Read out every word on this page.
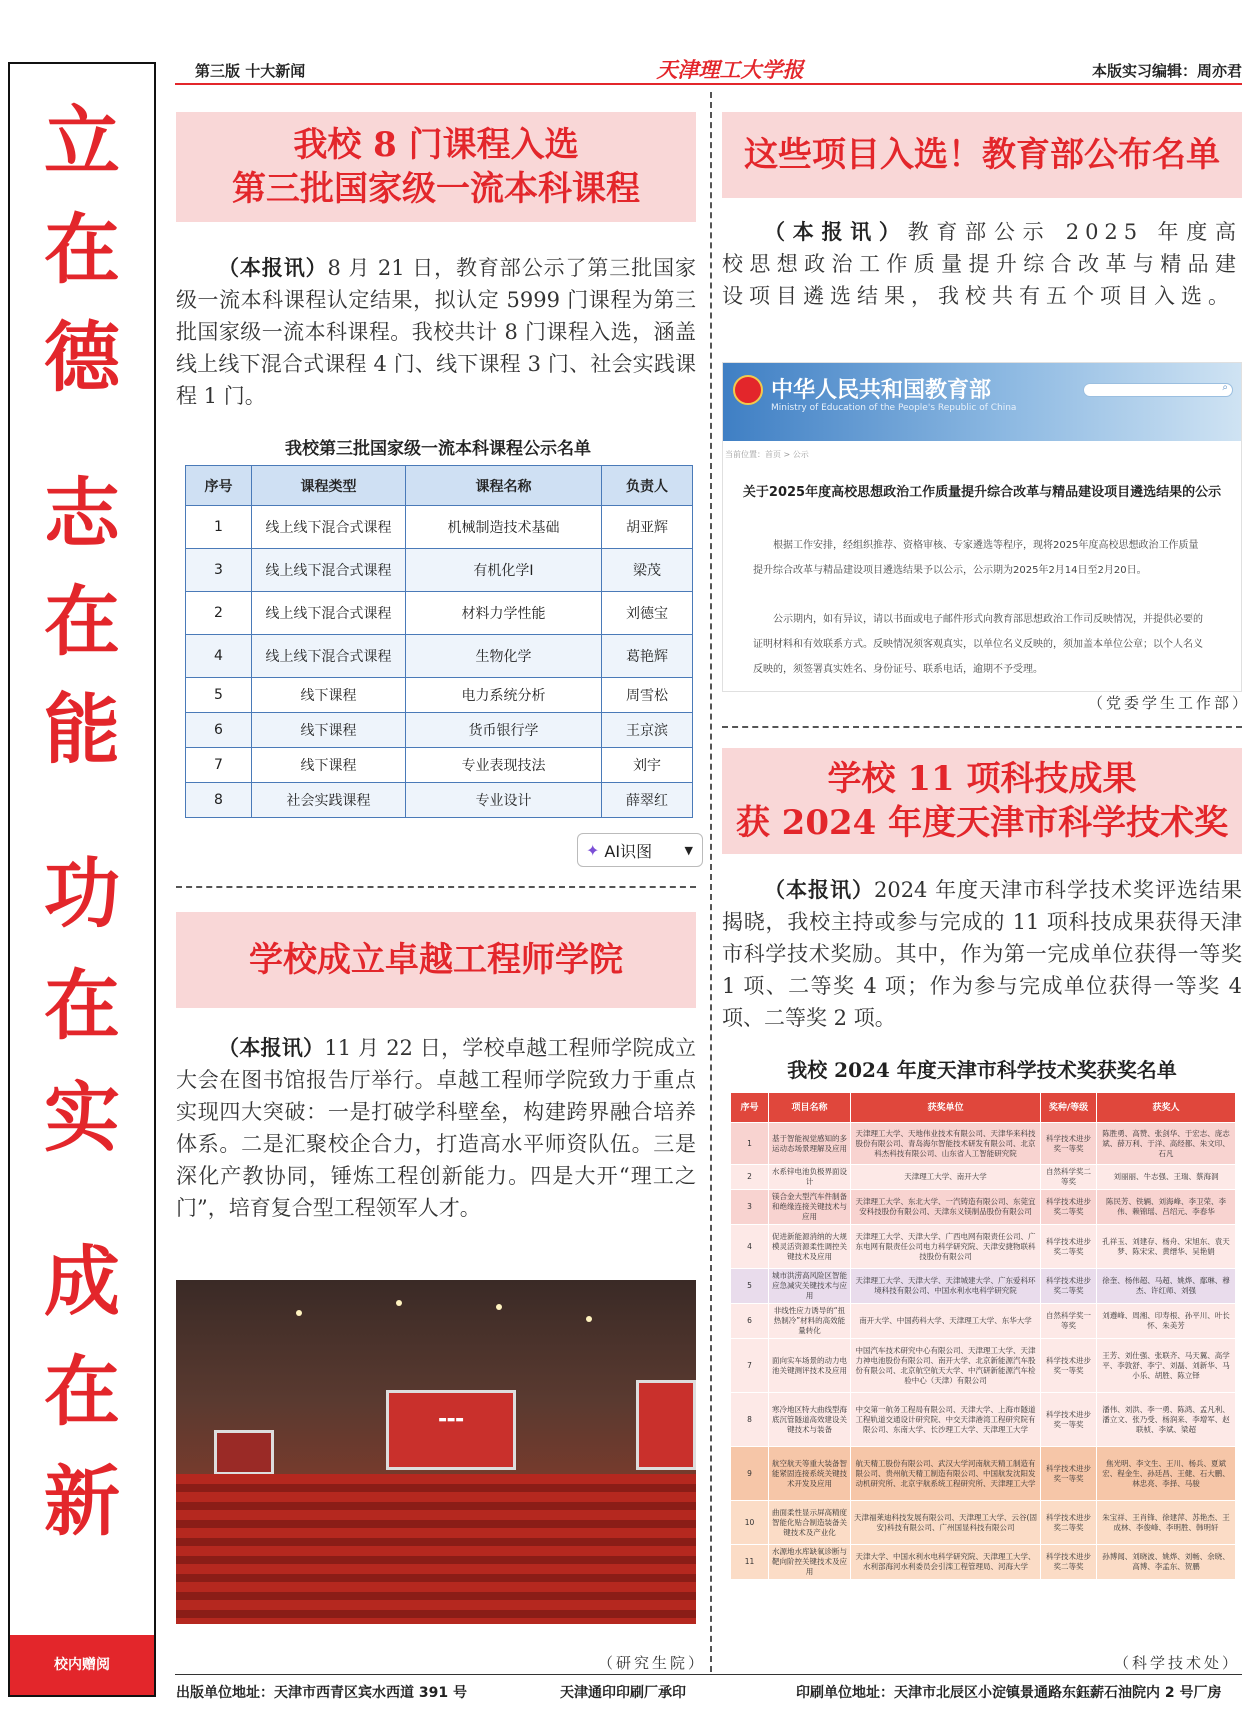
立
在
德
志
在
能
功
在
实
成
在
新
校内赠阅
第三版 十大新闻	天津理工大学报	本版实习编辑：周亦君
我校 8 门课程入选
第三批国家级一流本科课程

（本报讯）8 月 21 日，教育部公示了第三批国家级一流本科课程认定结果，拟认定 5999 门课程为第三批国家级一流本科课程。我校共计 8 门课程入选，涵盖线上线下混合式课程 4 门、线下课程 3 门、社会实践课程 1 门。

我校第三批国家级一流本科课程公示名单
序号	课程类型	课程名称	负责人
1	线上线下混合式课程	机械制造技术基础	胡亚辉
3	线上线下混合式课程	有机化学Ⅰ	梁茂
2	线上线下混合式课程	材料力学性能	刘德宝
4	线上线下混合式课程	生物化学	葛艳辉
5	线下课程	电力系统分析	周雪松
6	线下课程	货币银行学	王京滨
7	线下课程	专业表现技法	刘宇
8	社会实践课程	专业设计	薛翠红
✦ AI识图	▼
学校成立卓越工程师学院

（本报讯）11 月 22 日，学校卓越工程师学院成立大会在图书馆报告厅举行。卓越工程师学院致力于重点实现四大突破：一是打破学科壁垒，构建跨界融合培养体系。二是汇聚校企合力，打造高水平师资队伍。三是深化产教协同，锤炼工程创新能力。四是大开“理工之门”，培育复合型工程领军人才。

▬▬▬
（研究生院）
这些项目入选！教育部公布名单

（本报讯）教育部公示 2025 年度高校思想政治工作质量提升综合改革与精品建设项目遴选结果，我校共有五个项目入选。

中华人民共和国教育部
Ministry of Education of the People's Republic of China
⌕
当前位置：首页 > 公示
关于2025年度高校思想政治工作质量提升综合改革与精品建设项目遴选结果的公示

根据工作安排，经组织推荐、资格审核、专家遴选等程序，现将2025年度高校思想政治工作质量提升综合改革与精品建设项目遴选结果予以公示，公示期为2025年2月14日至2月20日。

公示期内，如有异议，请以书面或电子邮件形式向教育部思想政治工作司反映情况，并提供必要的证明材料和有效联系方式。反映情况须客观真实，以单位名义反映的，须加盖本单位公章；以个人名义反映的，须签署真实姓名、身份证号、联系电话，逾期不予受理。

（党委学生工作部）
学校 11 项科技成果
获 2024 年度天津市科学技术奖

（本报讯）2024 年度天津市科学技术奖评选结果揭晓，我校主持或参与完成的 11 项科技成果获得天津市科学技术奖励。其中，作为第一完成单位获得一等奖 1 项、二等奖 4 项；作为参与完成单位获得一等奖 4 项、二等奖 2 项。

我校 2024 年度天津市科学技术奖获奖名单
序号	项目名称	获奖单位	奖种/等级	获奖人
1	基于智能视觉感知的多运动态场景理解及应用	天津理工大学、天地伟业技术有限公司、天津华来科技股份有限公司、青岛海尔智能技术研发有限公司、北京科杰科技有限公司、山东省人工智能研究院	科学技术进步奖一等奖	陈胜勇、高赞、张剑华、于宏志、庞志斌、薛万利、于洋、高经都、朱文印、石凡
2	水系锌电池负极界面设计	天津理工大学、南开大学	自然科学奖二等奖	刘丽丽、牛志强、王瑞、蔡海洞
3	镁合金大型汽车件制备和绝缘连接关键技术与应用	天津理工大学、东北大学、一汽铸造有限公司、东莞宜安科技股份有限公司、天津东义镁制品股份有限公司	科学技术进步奖二等奖	陈民芳、铁辆、刘海峰、李卫荣、李伟、赖锦瑶、吕绍元、李春华
4	促进新能源消纳的大规模灵活资源柔性调控关键技术及应用	天津理工大学、天津大学、广西电网有限责任公司、广东电网有限责任公司电力科学研究院、天津安捷物联科技股份有限公司	科学技术进步奖二等奖	孔祥玉、刘建存、杨舟、宋旭东、袁天梦、陈宋宋、黄缙华、吴艳娟
5	城市洪涝高风险区智能应急减灾关键技术与应用	天津理工大学、天津大学、天津城建大学、广东爱科环境科技有限公司、中国水利水电科学研究院	科学技术进步奖二等奖	徐奎、杨伟超、马超、姚烨、鄢琳、穆杰、许红师、刘强
6	非线性应力诱导的“扭热制冷”材料的高效能量转化	南开大学、中国药科大学、天津理工大学、东华大学	自然科学奖一等奖	刘遵峰、周湘、印寿根、孙平川、叶长怀、朱美芳
7	面向实车场景的动力电池关键测评技术及应用	中国汽车技术研究中心有限公司、天津理工大学、天津力神电池股份有限公司、南开大学、北京新能源汽车股份有限公司、北京航空航天大学、中汽研新能源汽车检验中心（天津）有限公司	科学技术进步奖一等奖	王芳、刘仕强、张联齐、马天翼、高学平、李敦舒、李宁、刘磊、刘新华、马小乐、胡胜、陈立铎
8	寒冷地区特大曲线型海底沉管隧道高效建设关键技术与装备	中交第一航务工程局有限公司、天津大学、上海市隧道工程轨道交通设计研究院、中交天津港湾工程研究院有限公司、东南大学、长沙理工大学、天津理工大学	科学技术进步奖一等奖	潘伟、刘洪、李一勇、陈鸿、孟凡利、潘立文、张乃受、杨润来、李增军、赵联桢、李斌、梁超
9	航空航天等重大装备智能紧固连接系统关键技术开发及应用	航天精工股份有限公司、武汉大学河南航天精工制造有限公司、贵州航天精工制造有限公司、中国航发沈阳发动机研究所、北京宇航系统工程研究所、天津理工大学	科学技术进步奖一等奖	焦光明、李文生、王川、杨兵、夏斌宏、程金生、孙廷昌、王健、石大鹏、林忠亮、李择、马骏
10	曲面柔性显示屏高精度智能化贴合制造装备关键技术及产业化	天津福莱迪科技发展有限公司、天津理工大学、云谷(固安)科技有限公司、广州国显科技有限公司	科学技术进步奖二等奖	朱宝祥、王肖锋、徐建萍、苏艳杰、王成林、李俊峰、李明胜、韩明轩
11	水源地水库缺氧诊断与靶向阶控关键技术及应用	天津大学、中国水利水电科学研究院、天津理工大学、水利部海河水利委员会引滦工程管理局、河海大学	科学技术进步奖二等奖	孙博闻、刘晓波、姚烨、刘畅、余晓、高博、李孟东、贺鹏
（科学技术处）
出版单位地址：天津市西青区宾水西道 391 号	天津通印印刷厂承印	印刷单位地址：天津市北辰区小淀镇景通路东鈺薪石油院内 2 号厂房
